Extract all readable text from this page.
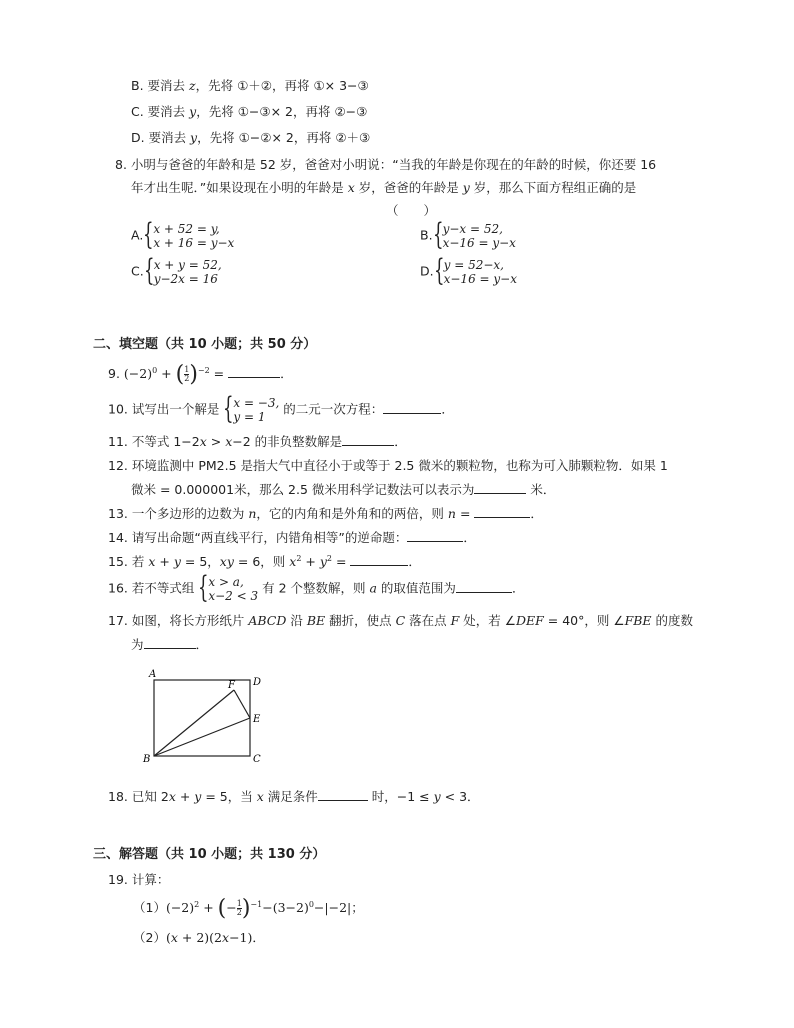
B. 要消去 z，先将 ①＋②，再将 ①× 3−③
C. 要消去 y，先将 ①−③× 2，再将 ②−③
D. 要消去 y，先将 ①−②× 2，再将 ②＋③
8. 小明与爸爸的年龄和是 52 岁，爸爸对小明说：“当我的年龄是你现在的年龄的时候，你还要 16
年才出生呢．”如果设现在小明的年龄是 x 岁，爸爸的年龄是 y 岁，那么下面方程组正确的是
（　　）
A. { x + 52 = y,
x + 16 = y−x
B. { y−x = 52,
x−16 = y−x
C. { x + y = 52,
y−2x = 16
D. { y = 52−x,
x−16 = y−x
二、填空题（共 10 小题；共 50 分）
9. $(-2)^0$ + ( $\frac{1}{2} )^{-2}$ =	．
10. 试写出一个解是 { x = −3,
y = 1 的二元一次方程：	．
11. 不等式 1−2x > x−2 的非负整数解是	．
12. 环境监测中 PM2.5 是指大气中直径小于或等于 2.5 微米的颗粒物，也称为可入肺颗粒物．如果 1
微米 = 0.000001米，那么 2.5 微米用科学记数法可以表示为	米．
13. 一个多边形的边数为 n，它的内角和是外角和的两倍，则 n =	．
14. 请写出命题“两直线平行，内错角相等”的逆命题：	．
15. 若 x + y = 5，xy = 6，则 $x^2 + y^2$ =	．
16. 若不等式组 { x > a,
x−2 < 3 有 2 个整数解，则 a 的取值范围为	．
17. 如图，将长方形纸片 ABCD 沿 BE 翻折，使点 C 落在点 F 处，若 ∠DEF = 40°，则 ∠FBE 的度数
为	．
A
D
F
E
B	C
18. 已知 2x + y = 5，当 x 满足条件	时，−1 ≤ y < 3．
三、解答题（共 10 小题；共 130 分）
19. 计算：
$(1)(-2)^2$ + (− $\frac{1}{2} )^{-1}-(3-2)^0-|-2|$；
（2）(x + 2)(2x−1)．
